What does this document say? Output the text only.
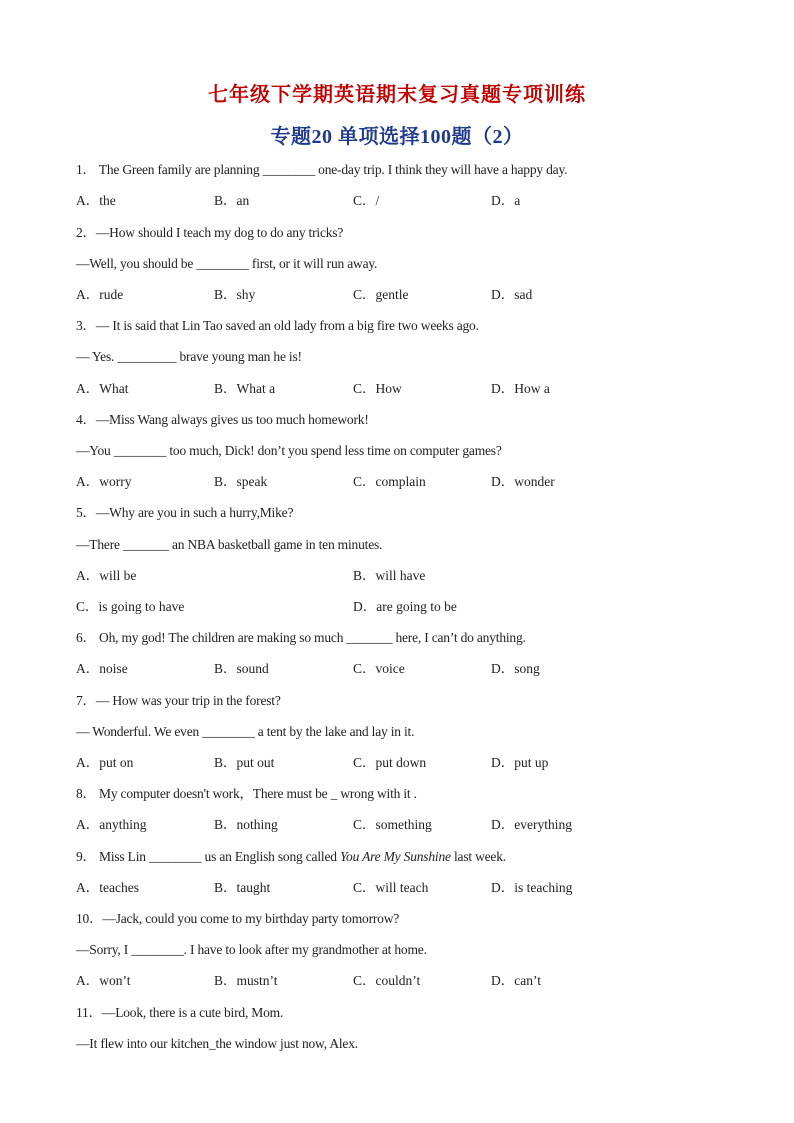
七年级下学期英语期末复习真题专项训练
专题20 单项选择100题（2）
1． The Green family are planning ________ one-day trip. I think they will have a happy day.
A．the	B．an	C．/	D．a
2．—How should I teach my dog to do any tricks?
—Well, you should be ________ first, or it will run away.
A．rude	B．shy	C．gentle	D．sad
3．— It is said that Lin Tao saved an old lady from a big fire two weeks ago.
— Yes. _________ brave young man he is!
A．What	B．What a	C．How	D．How a
4．—Miss Wang always gives us too much homework!
—You ________ too much, Dick! don’t you spend less time on computer games?
A．worry	B．speak	C．complain	D．wonder
5．—Why are you in such a hurry,Mike?
—There _______ an NBA basketball game in ten minutes.
A．will be	B．will have
C．is going to have	D．are going to be
6． Oh, my god! The children are making so much _______ here, I can’t do anything.
A．noise	B．sound	C．voice	D．song
7．— How was your trip in the forest?
— Wonderful. We even ________ a tent by the lake and lay in it.
A．put on	B．put out	C．put down	D．put up
8． My computer doesn't work，There must be _ wrong with it .
A．anything	B．nothing	C．something	D．everything
9． Miss Lin ________ us an English song called You Are My Sunshine last week.
A．teaches	B．taught	C．will teach	D．is teaching
10．—Jack, could you come to my birthday party tomorrow?
—Sorry, I ________. I have to look after my grandmother at home.
A．won’t	B．mustn’t	C．couldn’t	D．can’t
11．—Look, there is a cute bird, Mom.
—It flew into our kitchen_the window just now, Alex.
